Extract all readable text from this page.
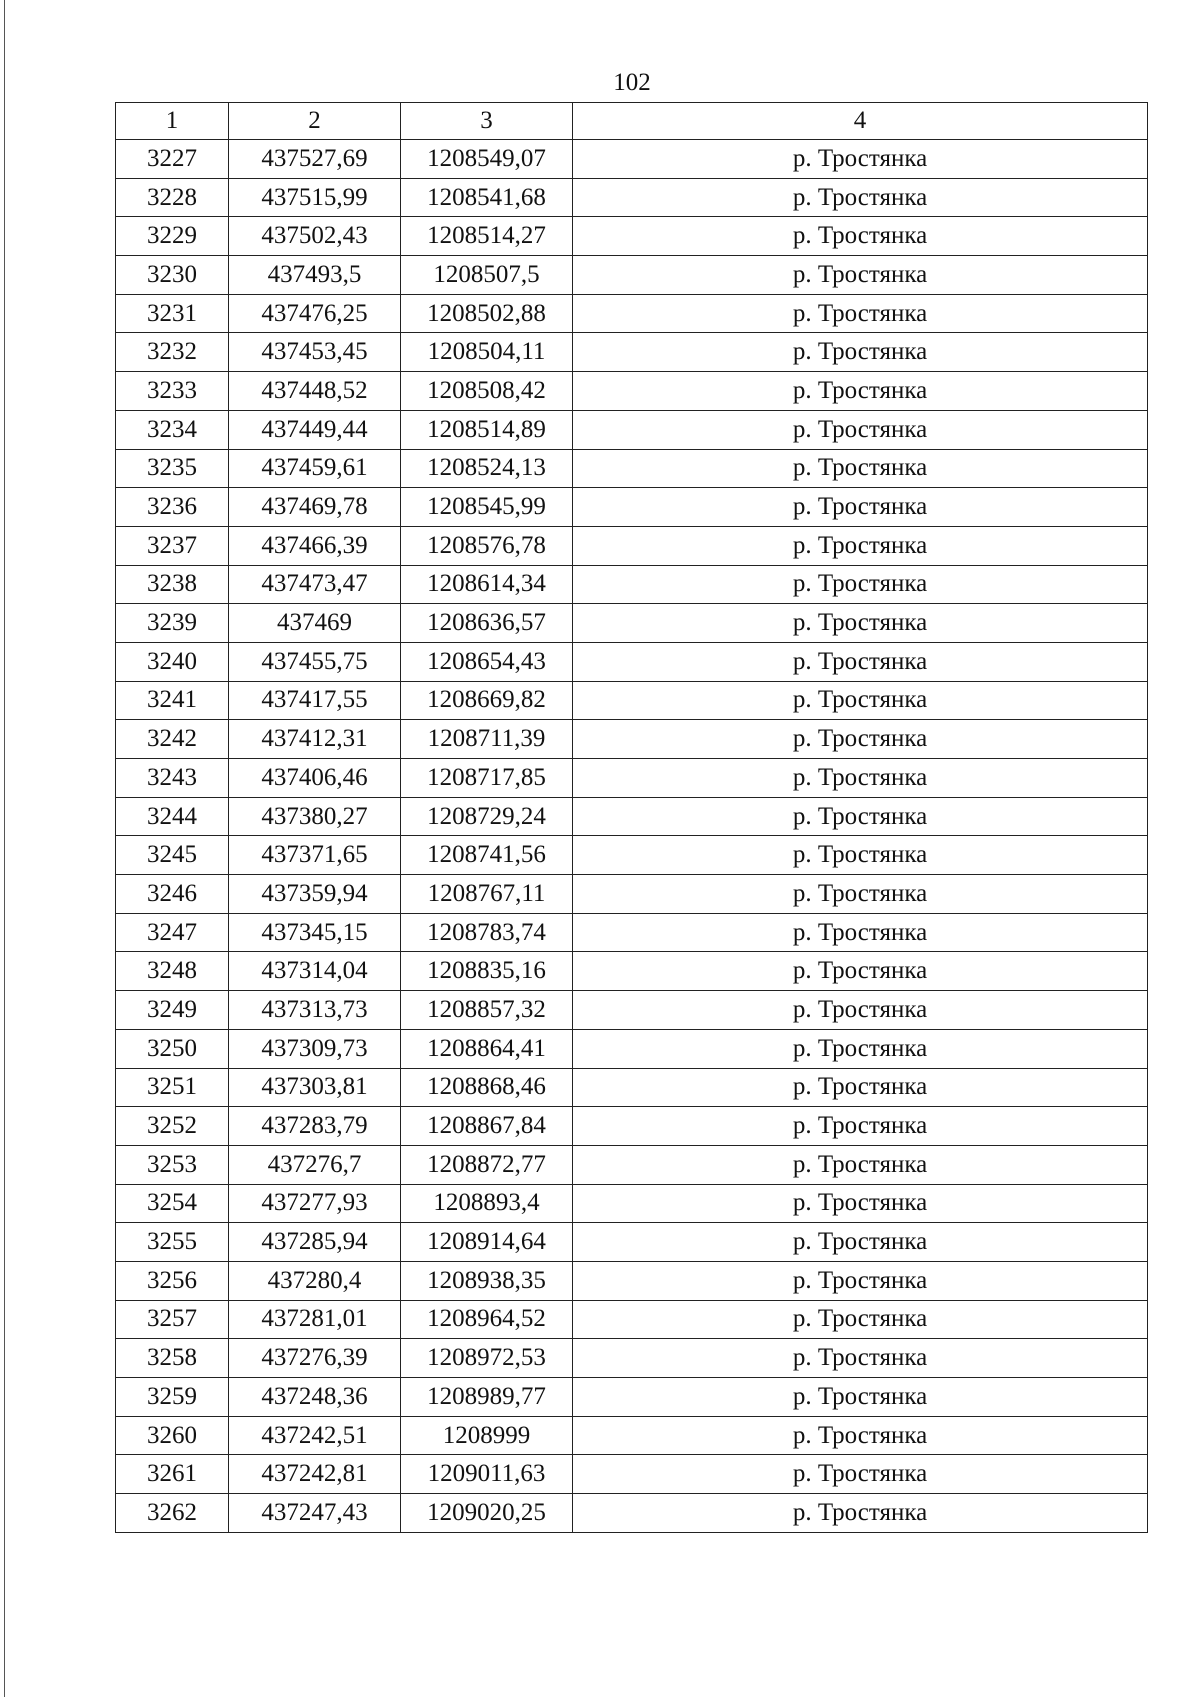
102
1	2	3	4
3227	437527,69	1208549,07	р. Тростянка
3228	437515,99	1208541,68	р. Тростянка
3229	437502,43	1208514,27	р. Тростянка
3230	437493,5	1208507,5	р. Тростянка
3231	437476,25	1208502,88	р. Тростянка
3232	437453,45	1208504,11	р. Тростянка
3233	437448,52	1208508,42	р. Тростянка
3234	437449,44	1208514,89	р. Тростянка
3235	437459,61	1208524,13	р. Тростянка
3236	437469,78	1208545,99	р. Тростянка
3237	437466,39	1208576,78	р. Тростянка
3238	437473,47	1208614,34	р. Тростянка
3239	437469	1208636,57	р. Тростянка
3240	437455,75	1208654,43	р. Тростянка
3241	437417,55	1208669,82	р. Тростянка
3242	437412,31	1208711,39	р. Тростянка
3243	437406,46	1208717,85	р. Тростянка
3244	437380,27	1208729,24	р. Тростянка
3245	437371,65	1208741,56	р. Тростянка
3246	437359,94	1208767,11	р. Тростянка
3247	437345,15	1208783,74	р. Тростянка
3248	437314,04	1208835,16	р. Тростянка
3249	437313,73	1208857,32	р. Тростянка
3250	437309,73	1208864,41	р. Тростянка
3251	437303,81	1208868,46	р. Тростянка
3252	437283,79	1208867,84	р. Тростянка
3253	437276,7	1208872,77	р. Тростянка
3254	437277,93	1208893,4	р. Тростянка
3255	437285,94	1208914,64	р. Тростянка
3256	437280,4	1208938,35	р. Тростянка
3257	437281,01	1208964,52	р. Тростянка
3258	437276,39	1208972,53	р. Тростянка
3259	437248,36	1208989,77	р. Тростянка
3260	437242,51	1208999	р. Тростянка
3261	437242,81	1209011,63	р. Тростянка
3262	437247,43	1209020,25	р. Тростянка
